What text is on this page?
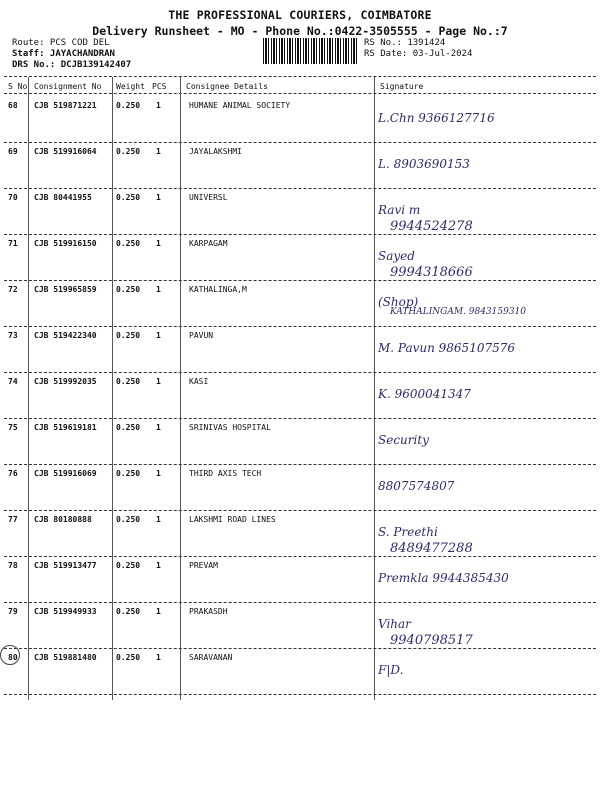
THE PROFESSIONAL COURIERS, COIMBATORE
Delivery Runsheet - MO - Phone No.:0422-3505555 - Page No.:7
Route: PCS COD DEL
Staff: JAYACHANDRAN
DRS No.: DCJB139142407
RS No.: 1391424
RS Date: 03-Jul-2024
S No Consignment No Weight PCS Consignee Details	Signature
68 CJB 519871221 0.250 1	HUMANE ANIMAL SOCIETY
L.Chn 9366127716
69 CJB 519916064 0.250 1	JAYALAKSHMI
L. 8903690153
70 CJB 80441955	0.250 1	UNIVERSL
Ravi m
9944524278
71 CJB 519916150 0.250 1	KARPAGAM
Sayed
9994318666
72 CJB 519965859 0.250 1	KATHALINGA,M
(Shop)
KATHALINGAM. 9843159310
73 CJB 519422340 0.250 1	PAVUN
M. Pavun 9865107576
74 CJB 519992035 0.250 1	KASI
K. 9600041347
75 CJB 519619181 0.250 1	SRINIVAS HOSPITAL
Security
76 CJB 519916069 0.250 1	THIRD AXIS TECH
8807574807
77 CJB 80180888	0.250 1	LAKSHMI ROAD LINES
S. Preethi
8489477288
78 CJB 519913477 0.250 1	PREVAM
Premkla 9944385430
79 CJB 519949933 0.250 1	PRAKASDH
Vihar
9940798517
80 CJB 519881480 0.250 1	SARAVANAN
F|D.
